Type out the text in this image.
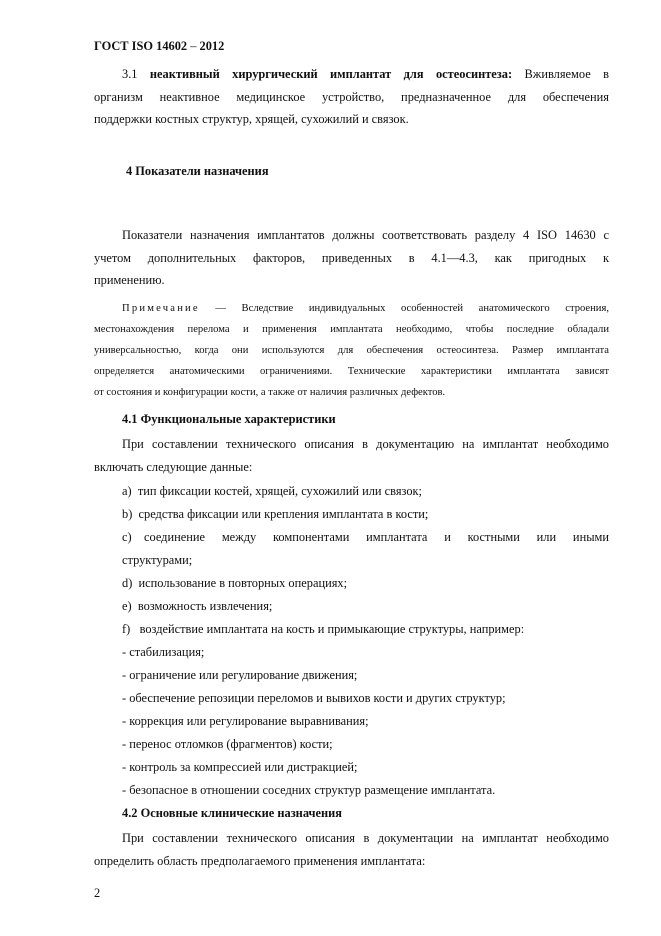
ГОСТ ISO 14602 – 2012
3.1 неактивный хирургический имплантат для остеосинтеза: Вживляемое в
организм неактивное медицинское устройство, предназначенное для обеспечения
поддержки костных структур, хрящей, сухожилий и связок.
4 Показатели назначения
Показатели назначения имплантатов должны соответствовать разделу 4 ISO 14630 с
учетом дополнительных факторов, приведенных в 4.1—4.3, как пригодных к
применению.
Примечание — Вследствие индивидуальных особенностей анатомического строения,
местонахождения перелома и применения имплантата необходимо, чтобы последние обладали
универсальностью, когда они используются для обеспечения остеосинтеза. Размер имплантата
определяется анатомическими ограничениями. Технические характеристики имплантата зависят
от состояния и конфигурации кости, а также от наличия различных дефектов.
4.1 Функциональные характеристики
При составлении технического описания в документацию на имплантат необходимо
включать следующие данные:
a) тип фиксации костей, хрящей, сухожилий или связок;
b) средства фиксации или крепления имплантата в кости;
c) соединение между компонентами имплантата и костными или иными
структурами;
d) использование в повторных операциях;
e) возможность извлечения;
f) воздействие имплантата на кость и примыкающие структуры, например:
- стабилизация;
- ограничение или регулирование движения;
- обеспечение репозиции переломов и вывихов кости и других структур;
- коррекция или регулирование выравнивания;
- перенос отломков (фрагментов) кости;
- контроль за компрессией или дистракцией;
- безопасное в отношении соседних структур размещение имплантата.
4.2 Основные клинические назначения
При составлении технического описания в документации на имплантат необходимо
определить область предполагаемого применения имплантата:
2
